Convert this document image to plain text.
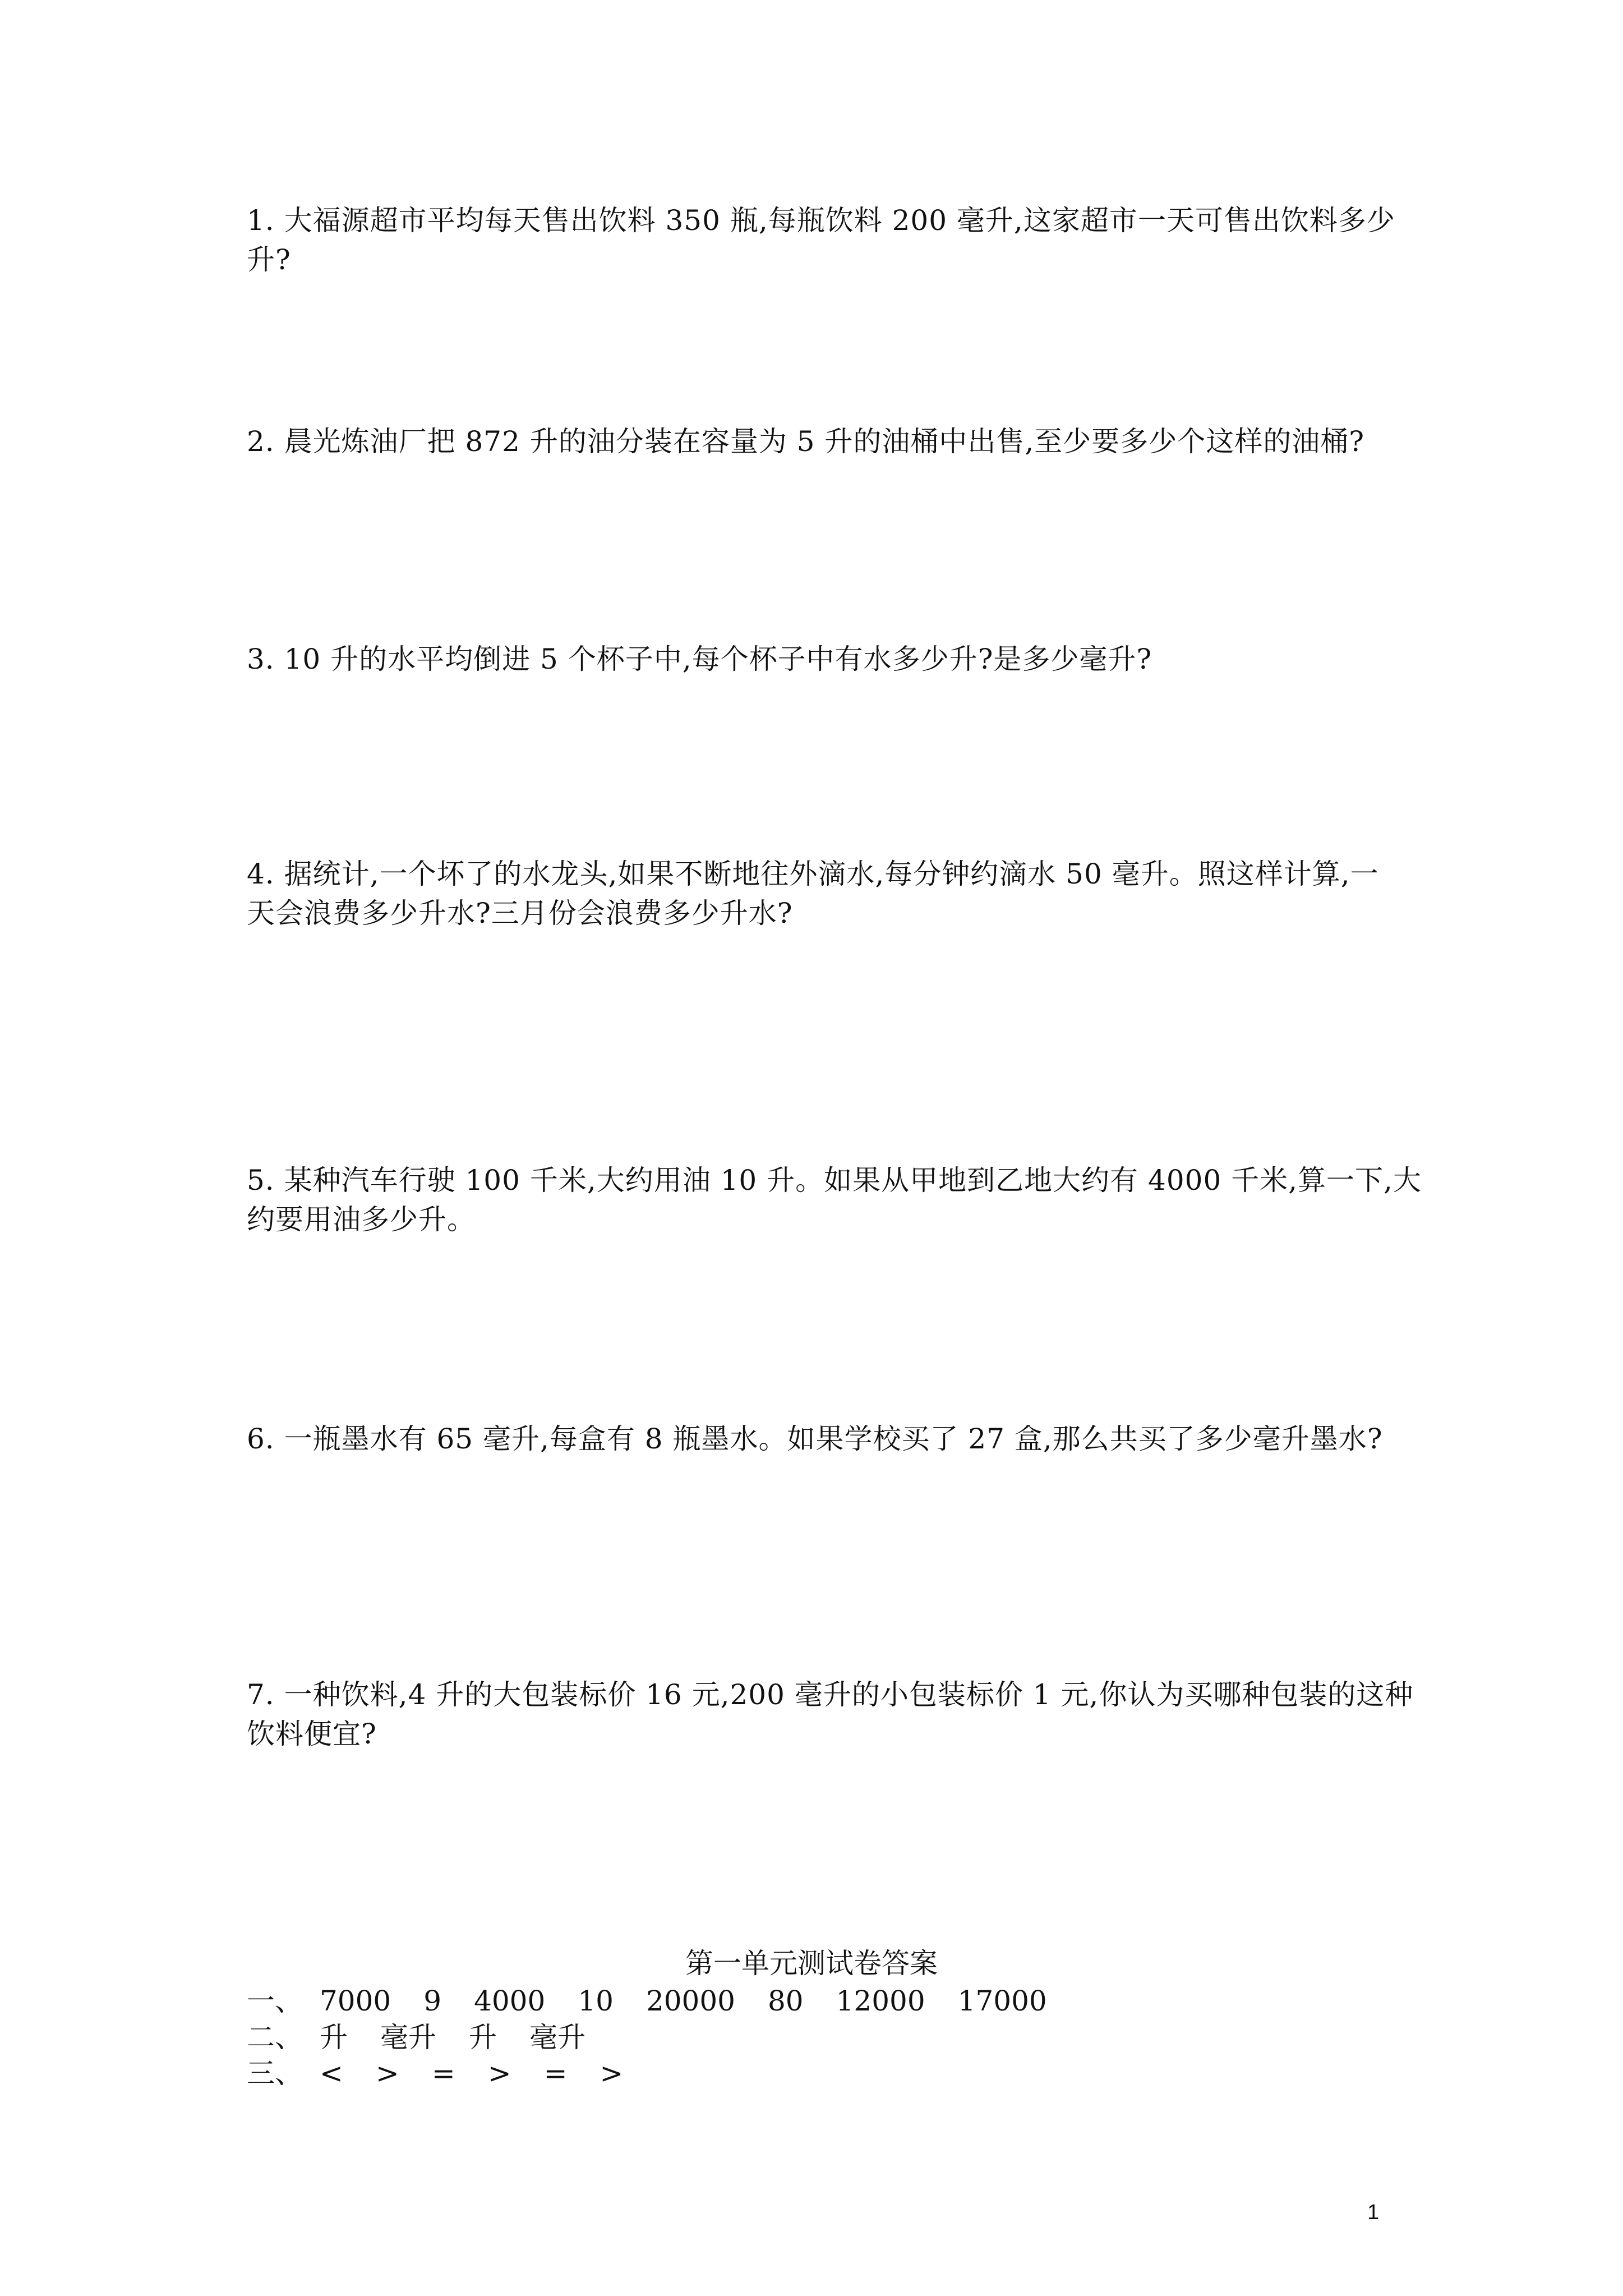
1. 大福源超市平均每天售出饮料 350 瓶,每瓶饮料 200 毫升,这家超市一天可售出饮料多少
升?
2. 晨光炼油厂把 872 升的油分装在容量为 5 升的油桶中出售,至少要多少个这样的油桶?
3. 10 升的水平均倒进 5 个杯子中,每个杯子中有水多少升?是多少毫升?
4. 据统计,一个坏了的水龙头,如果不断地往外滴水,每分钟约滴水 50 毫升。照这样计算,一
天会浪费多少升水?三月份会浪费多少升水?
5. 某种汽车行驶 100 千米,大约用油 10 升。如果从甲地到乙地大约有 4000 千米,算一下,大
约要用油多少升。
6. 一瓶墨水有 65 毫升,每盒有 8 瓶墨水。如果学校买了 27 盒,那么共买了多少毫升墨水?
7. 一种饮料,4 升的大包装标价 16 元,200 毫升的小包装标价 1 元,你认为买哪种包装的这种
饮料便宜?

第一单元测试卷答案

一、 7000 9 4000 10 20000 80 12000 17000
二、 升 毫升 升 毫升
三、 < > = > = >
1
